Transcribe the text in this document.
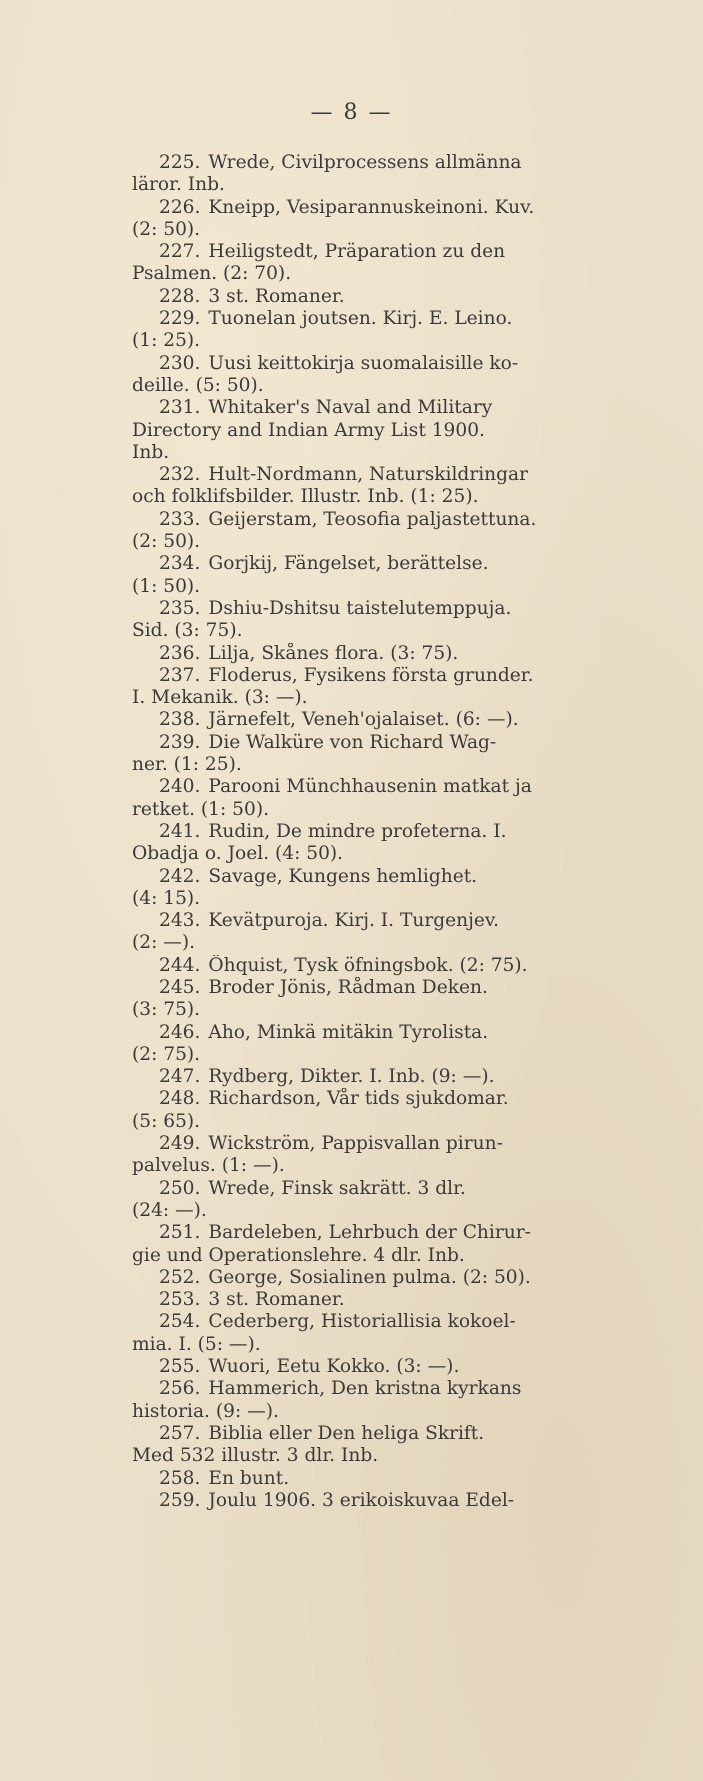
— 8 —
225. Wrede, Civilprocessens allmänna
läror. Inb.
226. Kneipp, Vesiparannuskeinoni. Kuv.
(2: 50).
227. Heiligstedt, Präparation zu den
Psalmen. (2: 70).
228. 3 st. Romaner.
229. Tuonelan joutsen. Kirj. E. Leino.
(1: 25).
230. Uusi keittokirja suomalaisille ko-
deille. (5: 50).
231. Whitaker's Naval and Military
Directory and Indian Army List 1900.
Inb.
232. Hult-Nordmann, Naturskildringar
och folklifsbilder. Illustr. Inb. (1: 25).
233. Geijerstam, Teosofia paljastettuna.
(2: 50).
234. Gorjkij, Fängelset, berättelse.
(1: 50).
235. Dshiu-Dshitsu taistelutemppuja.
Sid. (3: 75).
236. Lilja, Skånes flora. (3: 75).
237. Floderus, Fysikens första grunder.
I. Mekanik. (3: —).
238. Järnefelt, Veneh'ojalaiset. (6: —).
239. Die Walküre von Richard Wag-
ner. (1: 25).
240. Parooni Münchhausenin matkat ja
retket. (1: 50).
241. Rudin, De mindre profeterna. I.
Obadja o. Joel. (4: 50).
242. Savage, Kungens hemlighet.
(4: 15).
243. Kevätpuroja. Kirj. I. Turgenjev.
(2: —).
244. Öhquist, Tysk öfningsbok. (2: 75).
245. Broder Jönis, Rådman Deken.
(3: 75).
246. Aho, Minkä mitäkin Tyrolista.
(2: 75).
247. Rydberg, Dikter. I. Inb. (9: —).
248. Richardson, Vår tids sjukdomar.
(5: 65).
249. Wickström, Pappisvallan pirun-
palvelus. (1: —).
250. Wrede, Finsk sakrätt. 3 dlr.
(24: —).
251. Bardeleben, Lehrbuch der Chirur-
gie und Operationslehre. 4 dlr. Inb.
252. George, Sosialinen pulma. (2: 50).
253. 3 st. Romaner.
254. Cederberg, Historiallisia kokoel-
mia. I. (5: —).
255. Wuori, Eetu Kokko. (3: —).
256. Hammerich, Den kristna kyrkans
historia. (9: —).
257. Biblia eller Den heliga Skrift.
Med 532 illustr. 3 dlr. Inb.
258. En bunt.
259. Joulu 1906. 3 erikoiskuvaa Edel-
